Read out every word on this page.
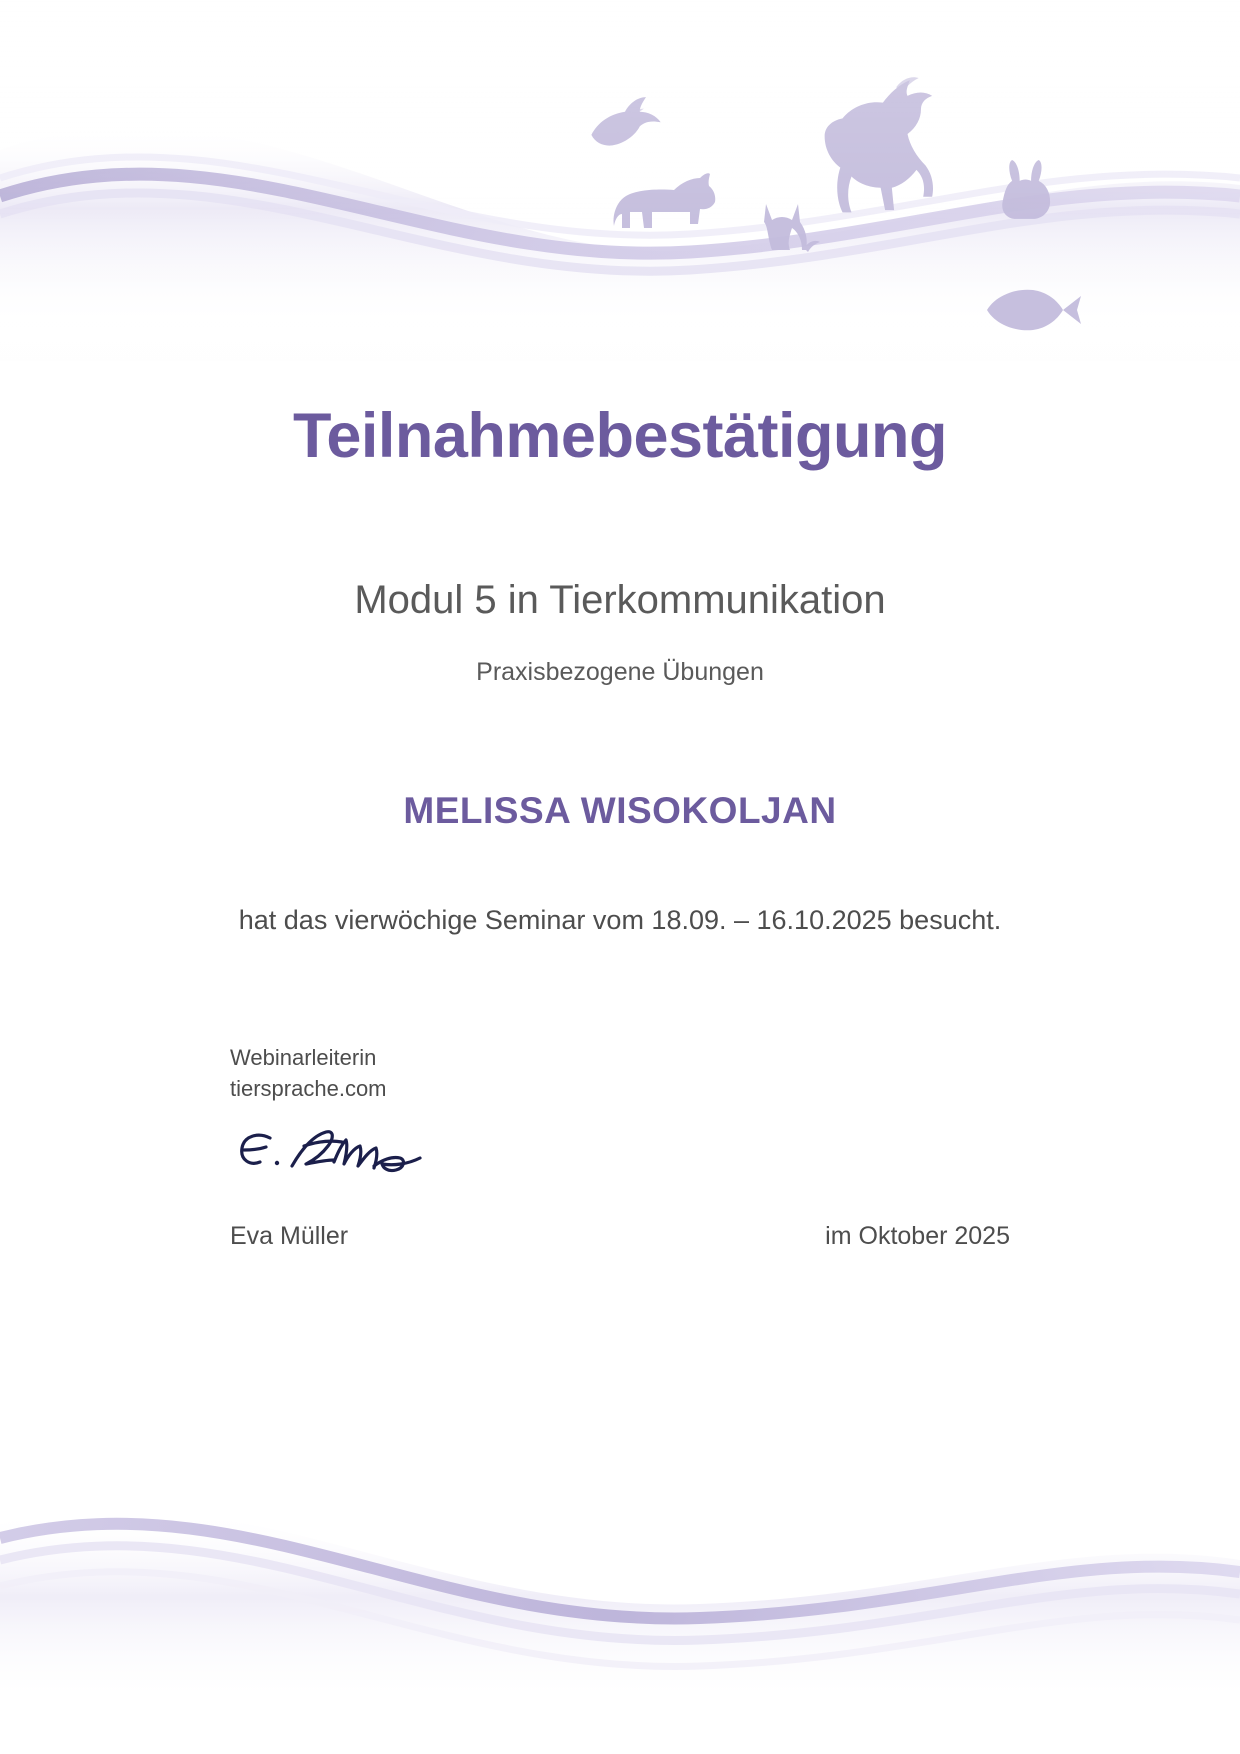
Teilnahmebestätigung
Modul 5 in Tierkommunikation
Praxisbezogene Übungen
MELISSA WISOKOLJAN
hat das vierwöchige Seminar vom 18.09. – 16.10.2025 besucht.
Webinarleiterin
tiersprache.com
Eva Müller	im Oktober 2025
